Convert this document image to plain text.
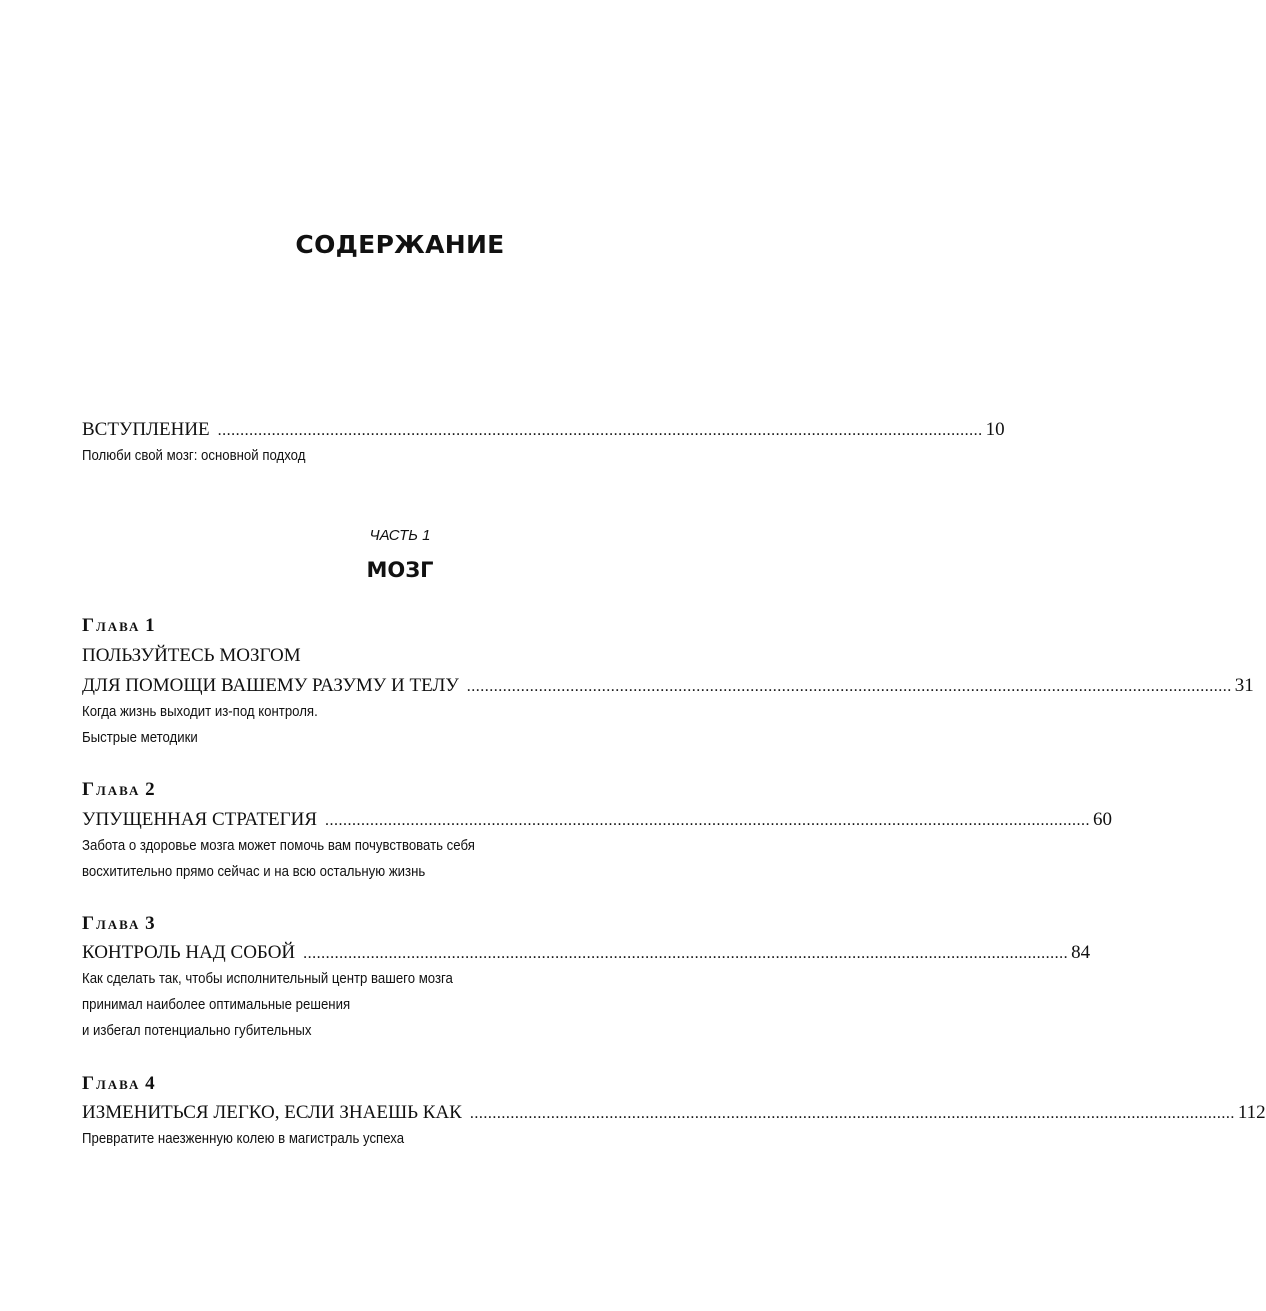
СОДЕРЖАНИЕ
ВСТУПЛЕНИЕ .......................................................................................................................................................................... 10
Полюби свой мозг: основной подход
ЧАСТЬ 1
МОЗГ
Глава 1
ПОЛЬЗУЙТЕСЬ МОЗГОМ
ДЛЯ ПОМОЩИ ВАШЕМУ РАЗУМУ И ТЕЛУ .......................................................................................................................................................................... 31
Когда жизнь выходит из-под контроля.
Быстрые методики
Глава 2
УПУЩЕННАЯ СТРАТЕГИЯ .......................................................................................................................................................................... 60
Забота о здоровье мозга может помочь вам почувствовать себя
восхитительно прямо сейчас и на всю остальную жизнь
Глава 3
КОНТРОЛЬ НАД СОБОЙ .......................................................................................................................................................................... 84
Как сделать так, чтобы исполнительный центр вашего мозга
принимал наиболее оптимальные решения
и избегал потенциально губительных
Глава 4
ИЗМЕНИТЬСЯ ЛЕГКО, ЕСЛИ ЗНАЕШЬ КАК .......................................................................................................................................................................... 112
Превратите наезженную колею в магистраль успеха
